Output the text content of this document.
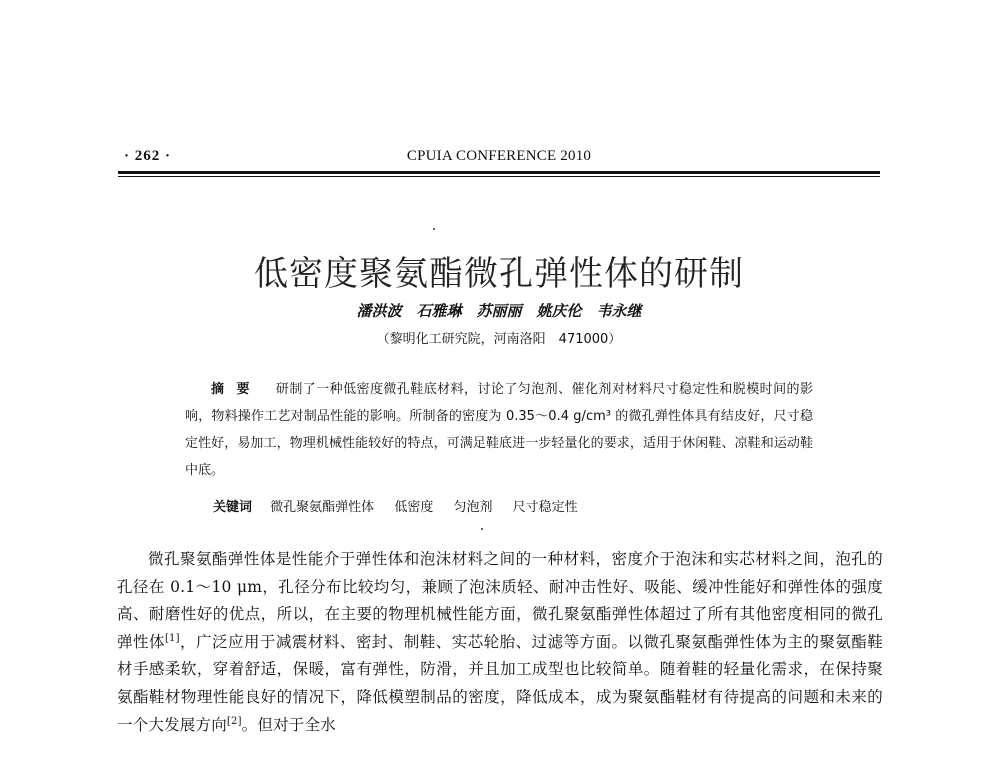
· 262 ·	CPUIA CONFERENCE 2010
低密度聚氨酯微孔弹性体的研制
潘洪波　石雅琳　苏丽丽　姚庆伦　韦永继
（黎明化工研究院，河南洛阳　471000）
摘要 研制了一种低密度微孔鞋底材料，讨论了匀泡剂、催化剂对材料尺寸稳定性和脱模时间的影响，物料操作工艺对制品性能的影响。所制备的密度为 0.35～0.4 g/cm³ 的微孔弹性体具有结皮好，尺寸稳定性好，易加工，物理机械性能较好的特点，可满足鞋底进一步轻量化的要求，适用于休闲鞋、凉鞋和运动鞋中底。
关键词 微孔聚氨酯弹性体 低密度 匀泡剂 尺寸稳定性
微孔聚氨酯弹性体是性能介于弹性体和泡沫材料之间的一种材料，密度介于泡沫和实芯材料之间，泡孔的孔径在 0.1～10 μm，孔径分布比较均匀，兼顾了泡沫质轻、耐冲击性好、吸能、缓冲性能好和弹性体的强度高、耐磨性好的优点，所以，在主要的物理机械性能方面，微孔聚氨酯弹性体超过了所有其他密度相同的微孔弹性体[1]，广泛应用于减震材料、密封、制鞋、实芯轮胎、过滤等方面。以微孔聚氨酯弹性体为主的聚氨酯鞋材手感柔软，穿着舒适，保暖，富有弹性，防滑，并且加工成型也比较简单。随着鞋的轻量化需求，在保持聚氨酯鞋材物理性能良好的情况下，降低模塑制品的密度，降低成本，成为聚氨酯鞋材有待提高的问题和未来的一个大发展方向[2]。但对于全水
